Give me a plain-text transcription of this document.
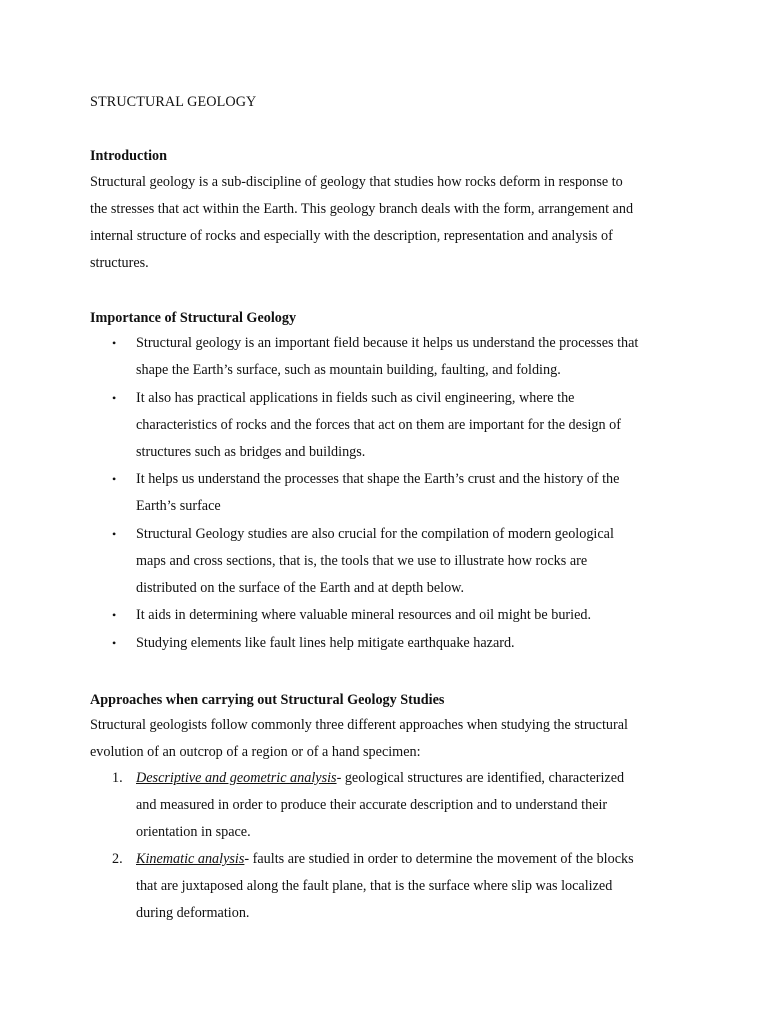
STRUCTURAL GEOLOGY
Introduction
Structural geology is a sub-discipline of geology that studies how rocks deform in response to
the stresses that act within the Earth. This geology branch deals with the form, arrangement and
internal structure of rocks and especially with the description, representation and analysis of
structures.
Importance of Structural Geology
•	Structural geology is an important field because it helps us understand the processes that
shape the Earth’s surface, such as mountain building, faulting, and folding.
•	It also has practical applications in fields such as civil engineering, where the
characteristics of rocks and the forces that act on them are important for the design of
structures such as bridges and buildings.
•	It helps us understand the processes that shape the Earth’s crust and the history of the
Earth’s surface
•	Structural Geology studies are also crucial for the compilation of modern geological
maps and cross sections, that is, the tools that we use to illustrate how rocks are
distributed on the surface of the Earth and at depth below.
•	It aids in determining where valuable mineral resources and oil might be buried.
•	Studying elements like fault lines help mitigate earthquake hazard.
Approaches when carrying out Structural Geology Studies
Structural geologists follow commonly three different approaches when studying the structural
evolution of an outcrop of a region or of a hand specimen:
1. Descriptive and geometric analysis- geological structures are identified, characterized
and measured in order to produce their accurate description and to understand their
orientation in space.
2. Kinematic analysis- faults are studied in order to determine the movement of the blocks
that are juxtaposed along the fault plane, that is the surface where slip was localized
during deformation.
